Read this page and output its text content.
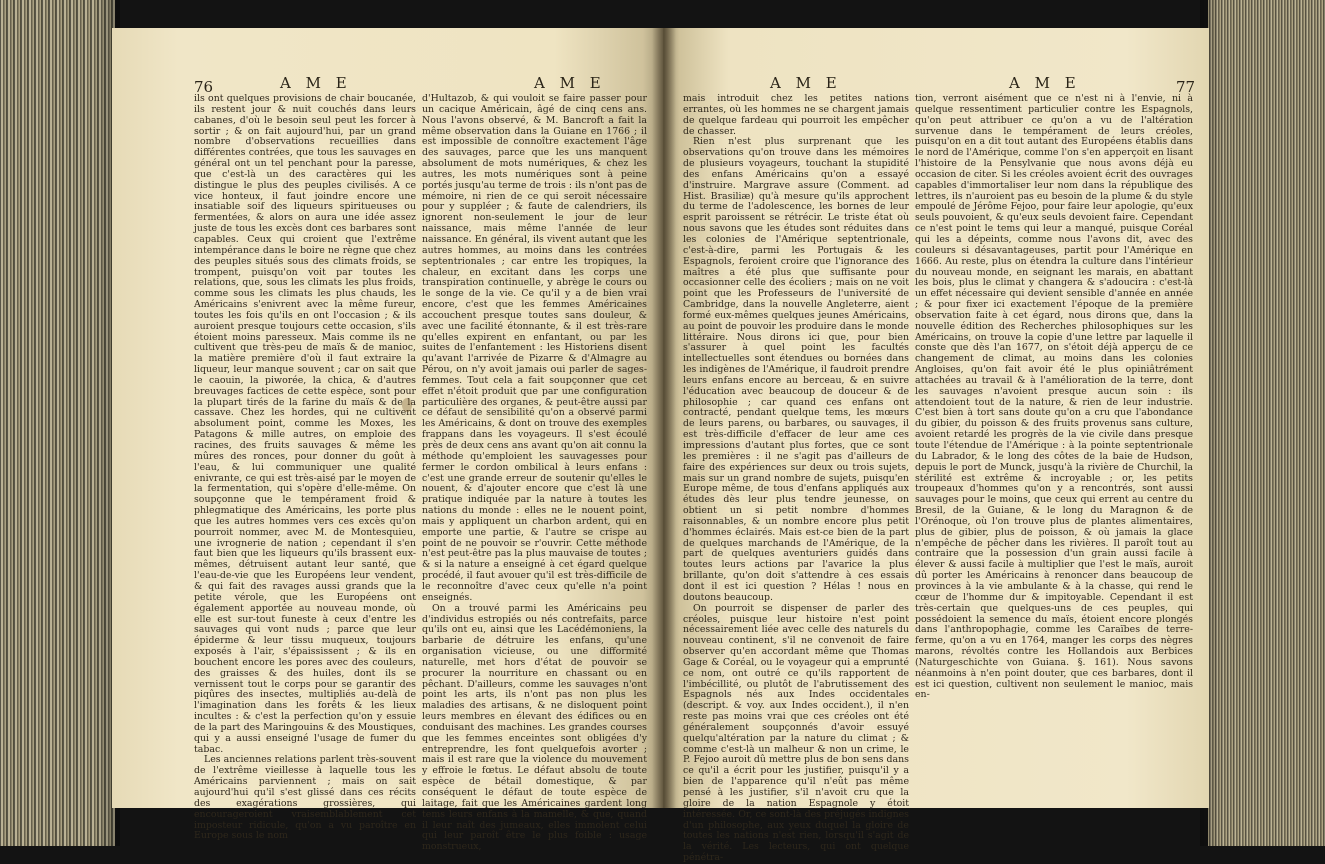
76	A M E	A M E

ils ont quelques provisions de chair boucanée, ils restent jour & nuit couchés dans leurs cabanes, d'où le besoin seul peut les forcer à sortir ; & on fait aujourd'hui, par un grand nombre d'observations recueillies dans différentes contrées, que tous les sauvages en général ont un tel penchant pour la paresse, que c'est-là un des caractères qui les distingue le plus des peuples civilisés. A ce vice honteux, il faut joindre encore une insatiable soif des liqueurs spiritueuses ou fermentées, & alors on aura une idée assez juste de tous les excès dont ces barbares sont capables. Ceux qui croient que l'extrême intempérance dans le boire ne règne que chez des peuples situés sous des climats froids, se trompent, puisqu'on voit par toutes les relations, que, sous les climats les plus froids, comme sous les climats les plus chauds, les Américains s'enivrent avec la même fureur, toutes les fois qu'ils en ont l'occasion ; & ils auroient presque toujours cette occasion, s'ils étoient moins paresseux. Mais comme ils ne cultivent que très-peu de maïs & de manioc, la matière première d'où il faut extraire la liqueur, leur manque souvent ; car on sait que le caouin, la piworée, la chica, & d'autres breuvages factices de cette espèce, sont pour la plupart tirés de la farine du maïs & de la cassave. Chez les hordes, qui ne cultivent absolument point, comme les Moxes, les Patagons & mille autres, on emploie des racines, des fruits sauvages & même les mûres des ronces, pour donner du goût à l'eau, & lui communiquer une qualité enivrante, ce qui est très-aisé par le moyen de la fermentation, qui s'opère d'elle-même. On soupçonne que le tempérament froid & phlegmatique des Américains, les porte plus que les autres hommes vers ces excès qu'on pourroit nommer, avec M. de Montesquieu, une ivrognerie de nation ; cependant il s'en faut bien que les liqueurs qu'ils brassent eux-mêmes, détruisent autant leur santé, que l'eau-de-vie que les Européens leur vendent, & qui fait des ravages aussi grands que la petite vérole, que les Européens ont également apportée au nouveau monde, où elle est sur-tout funeste à ceux d'entre les sauvages qui vont nuds ; parce que leur épiderme & leur tissu muqueux, toujours exposés à l'air, s'épaississent ; & ils en bouchent encore les pores avec des couleurs, des graisses & des huiles, dont ils se vernissent tout le corps pour se garantir des piqûres des insectes, multipliés au-delà de l'imagination dans les forêts & les lieux incultes : & c'est la perfection qu'on y essuie de la part des Maringouins & des Moustiques, qui y a aussi enseigné l'usage de fumer du tabac.

Les anciennes relations parlent très-souvent de l'extrême vieillesse à laquelle tous les Américains parviennent ; mais on sait aujourd'hui qu'il s'est glissé dans ces récits des exagérations grossières, qui encourageroient vraisemblablement cet imposteur ridicule, qu'on a vu paroître en Europe sous le nom

d'Hultazob, & qui vouloit se faire passer pour un cacique Américain, âgé de cinq cens ans. Nous l'avons observé, & M. Bancroft a fait la même observation dans la Guiane en 1766 ; il est impossible de connoître exactement l'âge des sauvages, parce que les uns manquent absolument de mots numériques, & chez les autres, les mots numériques sont à peine portés jusqu'au terme de trois : ils n'ont pas de mémoire, ni rien de ce qui seroit nécessaire pour y suppléer ; & faute de calendriers, ils ignorent non-seulement le jour de leur naissance, mais même l'année de leur naissance. En général, ils vivent autant que les autres hommes, au moins dans les contrées septentrionales ; car entre les tropiques, la chaleur, en excitant dans les corps une transpiration continuelle, y abrège le cours ou le songe de la vie. Ce qu'il y a de bien vrai encore, c'est que les femmes Américaines accouchent presque toutes sans douleur, & avec une facilité étonnante, & il est très-rare qu'elles expirent en enfantant, ou par les suites de l'enfantement : les Historiens disent qu'avant l'arrivée de Pizarre & d'Almagre au Pérou, on n'y avoit jamais oui parler de sages-femmes. Tout cela a fait soupçonner que cet effet n'étoit produit que par une configuration particulière des organes, & peut-être aussi par ce défaut de sensibilité qu'on a observé parmi les Américains, & dont on trouve des exemples frappans dans les voyageurs. Il s'est écoulé près de deux cens ans avant qu'on ait connu la méthode qu'emploient les sauvagesses pour fermer le cordon ombilical à leurs enfans : c'est une grande erreur de soutenir qu'elles le nouent, & d'ajouter encore que c'est là une pratique indiquée par la nature à toutes les nations du monde : elles ne le nouent point, mais y appliquent un charbon ardent, qui en emporte une partie, & l'autre se crispe au point de ne pouvoir se r'ouvrir. Cette méthode n'est peut-être pas la plus mauvaise de toutes ; & si la nature a enseigné à cet égard quelque procédé, il faut avouer qu'il est très-difficile de le reconnoître d'avec ceux qu'elle n'a point enseignés.

On a trouvé parmi les Américains peu d'individus estropiés ou nés contrefaits, parce qu'ils ont eu, ainsi que les Lacédémoniens, la barbarie de détruire les enfans, qu'une organisation vicieuse, ou une difformité naturelle, met hors d'état de pouvoir se procurer la nourriture en chassant ou en pêchant. D'ailleurs, comme les sauvages n'ont point les arts, ils n'ont pas non plus les maladies des artisans, & ne disloquent point leurs membres en élevant des édifices ou en conduisant des machines. Les grandes courses que les femmes enceintes sont obligées d'y entreprendre, les font quelquefois avorter ; mais il est rare que la violence du mouvement y effroie le fœtus. Le défaut absolu de toute espèce de bétail domestique, & par conséquent le défaut de toute espèce de laitage, fait que les Américaines gardent long tems leurs enfans à la mamelle, & que, quand il leur naît des jumeaux, elles immolent celui qui leur paroît être le plus foible : usage monstrueux,

77
A M E	A M E

mais introduit chez les petites nations errantes, où les hommes ne se chargent jamais de quelque fardeau qui pourroit les empêcher de chasser.

Rien n'est plus surprenant que les observations qu'on trouve dans les mémoires de plusieurs voyageurs, touchant la stupidité des enfans Américains qu'on a essayé d'instruire. Margrave assure (Comment. ad Hist. Brasiliæ) qu'à mesure qu'ils approchent du terme de l'adolescence, les bornes de leur esprit paroissent se rétrécir. Le triste état où nous savons que les études sont réduites dans les colonies de l'Amérique septentrionale, c'est-à-dire, parmi les Portugais & les Espagnols, feroient croire que l'ignorance des maîtres a été plus que suffisante pour occasionner celle des écoliers ; mais on ne voit point que les Professeurs de l'université de Cambridge, dans la nouvelle Angleterre, aient formé eux-mêmes quelques jeunes Américains, au point de pouvoir les produire dans le monde littéraire. Nous dirons ici que, pour bien s'assurer à quel point les facultés intellectuelles sont étendues ou bornées dans les indigènes de l'Amérique, il faudroit prendre leurs enfans encore au berceau, & en suivre l'éducation avec beaucoup de douceur & de philosophie ; car quand ces enfans ont contracté, pendant quelque tems, les mœurs de leurs parens, ou barbares, ou sauvages, il est très-difficile d'effacer de leur ame ces impressions d'autant plus fortes, que ce sont les premières : il ne s'agit pas d'ailleurs de faire des expériences sur deux ou trois sujets, mais sur un grand nombre de sujets, puisqu'en Europe même, de tous d'enfans appliqués aux études dès leur plus tendre jeunesse, on obtient un si petit nombre d'hommes raisonnables, & un nombre encore plus petit d'hommes éclairés. Mais est-ce bien de la part de quelques marchands de l'Amérique, de la part de quelques aventuriers guidés dans toutes leurs actions par l'avarice la plus brillante, qu'on doit s'attendre à ces essais dont il est ici question ? Hélas ! nous en doutons beaucoup.

On pourroit se dispenser de parler des créoles, puisque leur histoire n'est point nécessairement liée avec celle des naturels du nouveau continent, s'il ne convenoit de faire observer qu'en accordant même que Thomas Gage & Coréal, ou le voyageur qui a emprunté ce nom, ont outré ce qu'ils rapportent de l'imbécillité, ou plutôt de l'abrutissement des Espagnols nés aux Indes occidentales (descript. & voy. aux Indes occident.), il n'en reste pas moins vrai que ces créoles ont été généralement soupçonnés d'avoir essuyé quelqu'altération par la nature du climat ; & comme c'est-là un malheur & non un crime, le P. Fejoo auroit dû mettre plus de bon sens dans ce qu'il a écrit pour les justifier, puisqu'il y a bien de l'apparence qu'il n'eût pas même pensé à les justifier, s'il n'avoit cru que la gloire de la nation Espagnole y étoit intéressée. Or, ce sont-là des préjugés indignes d'un philosophe, aux yeux duquel la gloire de toutes les nations n'est rien, lorsqu'il s'agit de la vérité. Les lecteurs, qui ont quelque pénétra-

tion, verront aisément que ce n'est ni à l'envie, ni à quelque ressentiment particulier contre les Espagnols, qu'on peut attribuer ce qu'on a vu de l'altération survenue dans le tempérament de leurs créoles, puisqu'on en a dit tout autant des Européens établis dans le nord de l'Amérique, comme l'on s'en apperçoit en lisant l'histoire de la Pensylvanie que nous avons déjà eu occasion de citer. Si les créoles avoient écrit des ouvrages capables d'immortaliser leur nom dans la république des lettres, ils n'auroient pas eu besoin de la plume & du style empoulé de Jérôme Fejoo, pour faire leur apologie, qu'eux seuls pouvoient, & qu'eux seuls devoient faire. Cependant ce n'est point le tems qui leur a manqué, puisque Coréal qui les a dépeints, comme nous l'avons dit, avec des couleurs si désavantageuses, partit pour l'Amérique en 1666. Au reste, plus on étendra la culture dans l'intérieur du nouveau monde, en seignant les marais, en abattant les bois, plus le climat y changera & s'adoucira : c'est-là un effet nécessaire qui devient sensible d'année en année ; & pour fixer ici exactement l'époque de la première observation faite à cet égard, nous dirons que, dans la nouvelle édition des Recherches philosophiques sur les Américains, on trouve la copie d'une lettre par laquelle il conste que dès l'an 1677, on s'étoit déjà apperçu de ce changement de climat, au moins dans les colonies Angloises, qu'on fait avoir été le plus opiniâtrément attachées au travail & à l'amélioration de la terre, dont les sauvages n'avoient presque aucun soin : ils attendoient tout de la nature, & rien de leur industrie. C'est bien à tort sans doute qu'on a cru que l'abondance du gibier, du poisson & des fruits provenus sans culture, avoient retardé les progrès de la vie civile dans presque toute l'étendue de l'Amérique : à la pointe septentrionale du Labrador, & le long des côtes de la baie de Hudson, depuis le port de Munck, jusqu'à la rivière de Churchil, la stérilité est extrême & incroyable ; or, les petits troupeaux d'hommes qu'on y a rencontrés, sont aussi sauvages pour le moins, que ceux qui errent au centre du Bresil, de la Guiane, & le long du Maragnon & de l'Orénoque, où l'on trouve plus de plantes alimentaires, plus de gibier, plus de poisson, & où jamais la glace n'empêche de pêcher dans les rivières. Il paroît tout au contraire que la possession d'un grain aussi facile à élever & aussi facile à multiplier que l'est le maïs, auroit dû porter les Américains à renoncer dans beaucoup de provinces à la vie ambulante & à la chasse, qui rend le cœur de l'homme dur & impitoyable. Cependant il est très-certain que quelques-uns de ces peuples, qui possédoient la semence du maïs, étoient encore plongés dans l'anthropophagie, comme les Caraïbes de terre-ferme, qu'on a vu en 1764, manger les corps des nègres marons, révoltés contre les Hollandois aux Berbices (Naturgeschichte von Guiana. §. 161). Nous savons néanmoins à n'en point douter, que ces barbares, dont il est ici question, cultivent non seulement le manioc, mais en-
